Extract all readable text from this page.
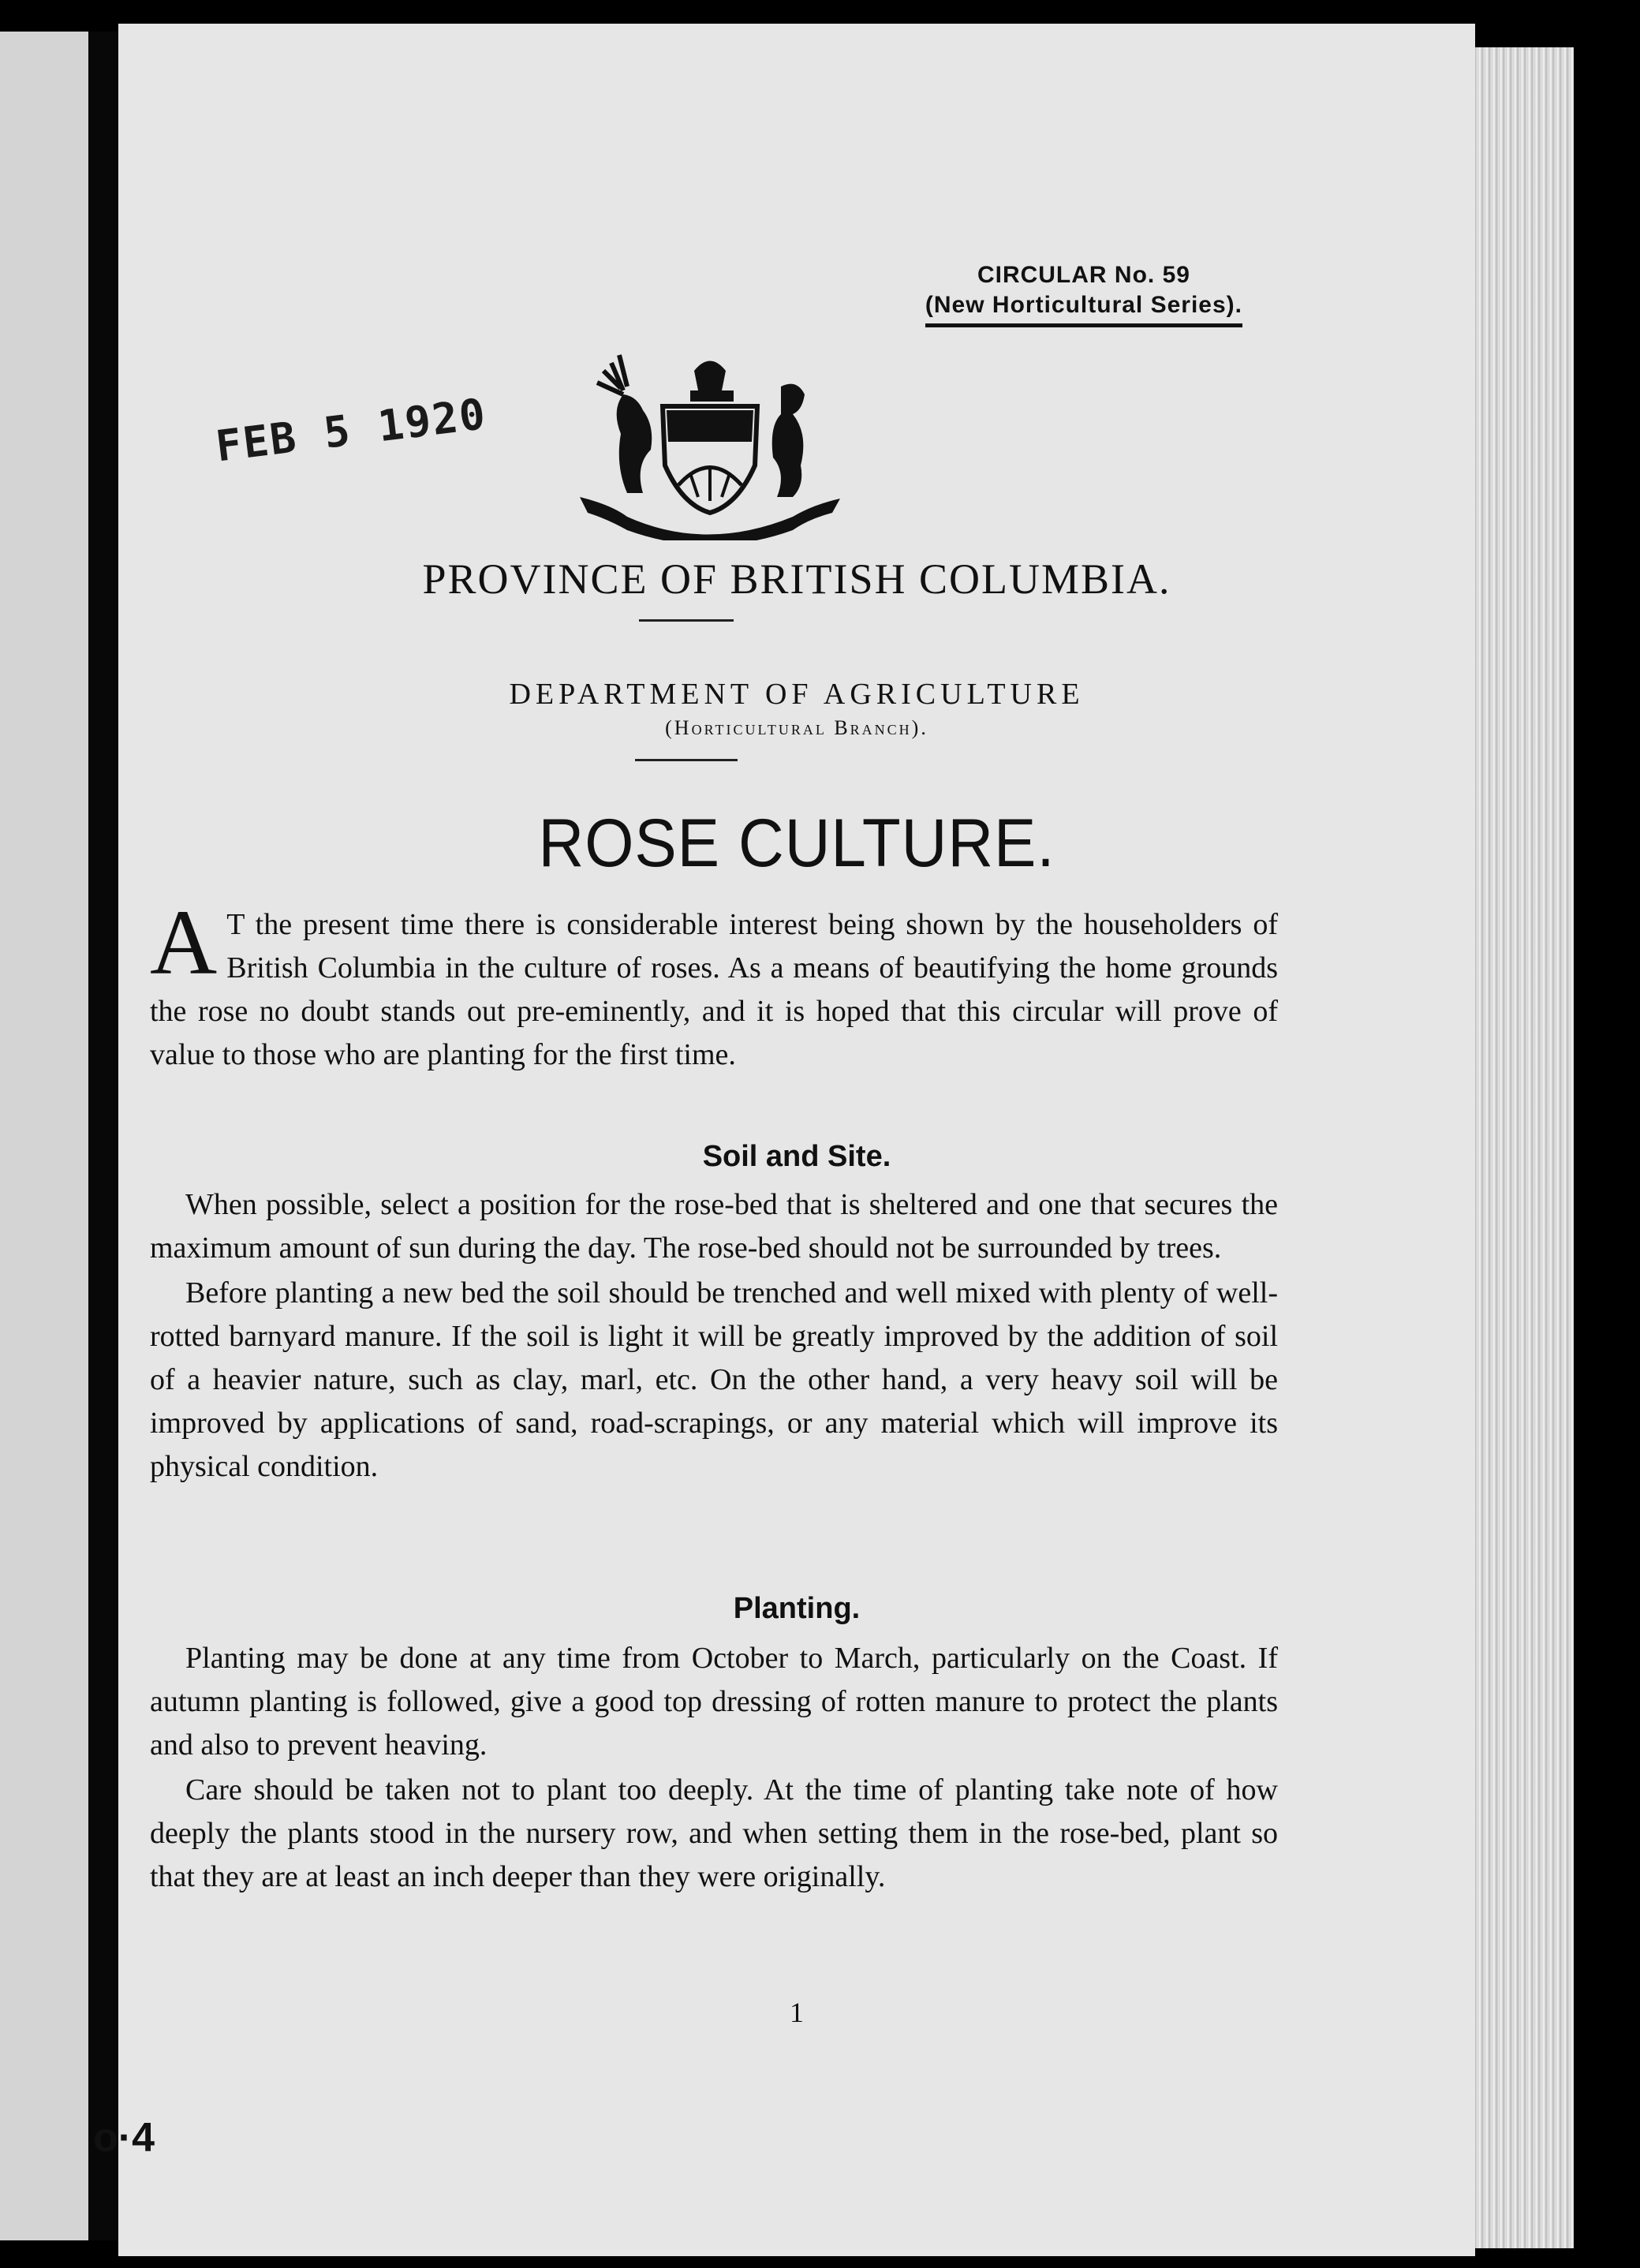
CIRCULAR No. 59
(New Horticultural Series).
FEB 5 1920
SINE
PROVINCE OF BRITISH COLUMBIA.
DEPARTMENT OF AGRICULTURE
(Horticultural Branch).
ROSE CULTURE.

A T the present time there is considerable interest being shown by the householders of British Columbia in the culture of roses. As a means of beautifying the home grounds the rose no doubt stands out pre-eminently, and it is hoped that this circular will prove of value to those who are planting for the first time.

Soil and Site.

When possible, select a position for the rose-bed that is sheltered and one that secures the maximum amount of sun during the day. The rose-bed should not be surrounded by trees.

Before planting a new bed the soil should be trenched and well mixed with plenty of well-rotted barnyard manure. If the soil is light it will be greatly improved by the addition of soil of a heavier nature, such as clay, marl, etc. On the other hand, a very heavy soil will be improved by applications of sand, road-scrapings, or any material which will improve its physical condition.

Planting.

Planting may be done at any time from October to March, particularly on the Coast. If autumn planting is followed, give a good top dressing of rotten manure to protect the plants and also to prevent heaving.

Care should be taken not to plant too deeply. At the time of planting take note of how deeply the plants stood in the nursery row, and when setting them in the rose-bed, plant so that they are at least an inch deeper than they were originally.

1
o·4
